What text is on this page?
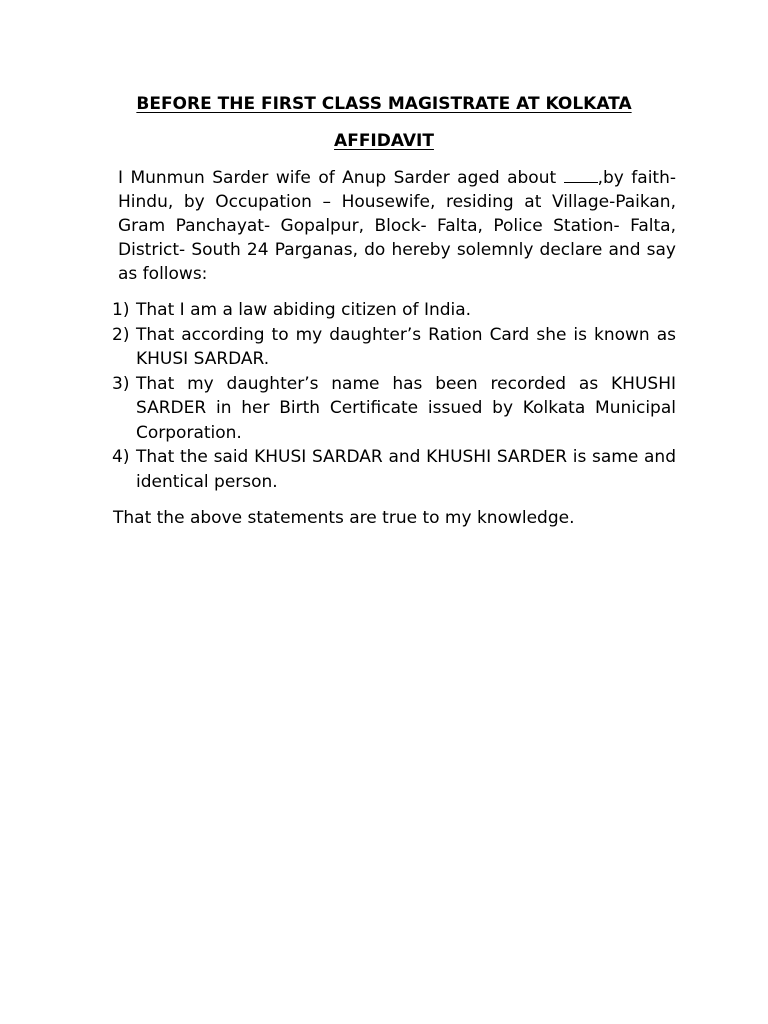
BEFORE THE FIRST CLASS MAGISTRATE AT KOLKATA

AFFIDAVIT

I Munmun Sarder wife of Anup Sarder aged about ,by faith-Hindu, by Occupation – Housewife, residing at Village-Paikan, Gram Panchayat- Gopalpur, Block- Falta, Police Station- Falta, District- South 24 Parganas, do hereby solemnly declare and say as follows:

1) That I am a law abiding citizen of India.
2) That according to my daughter’s Ration Card she is known as KHUSI SARDAR.
3) That my daughter’s name has been recorded as KHUSHI SARDER in her Birth Certificate issued by Kolkata Municipal Corporation.
4) That the said KHUSI SARDAR and KHUSHI SARDER is same and identical person.

That the above statements are true to my knowledge.
